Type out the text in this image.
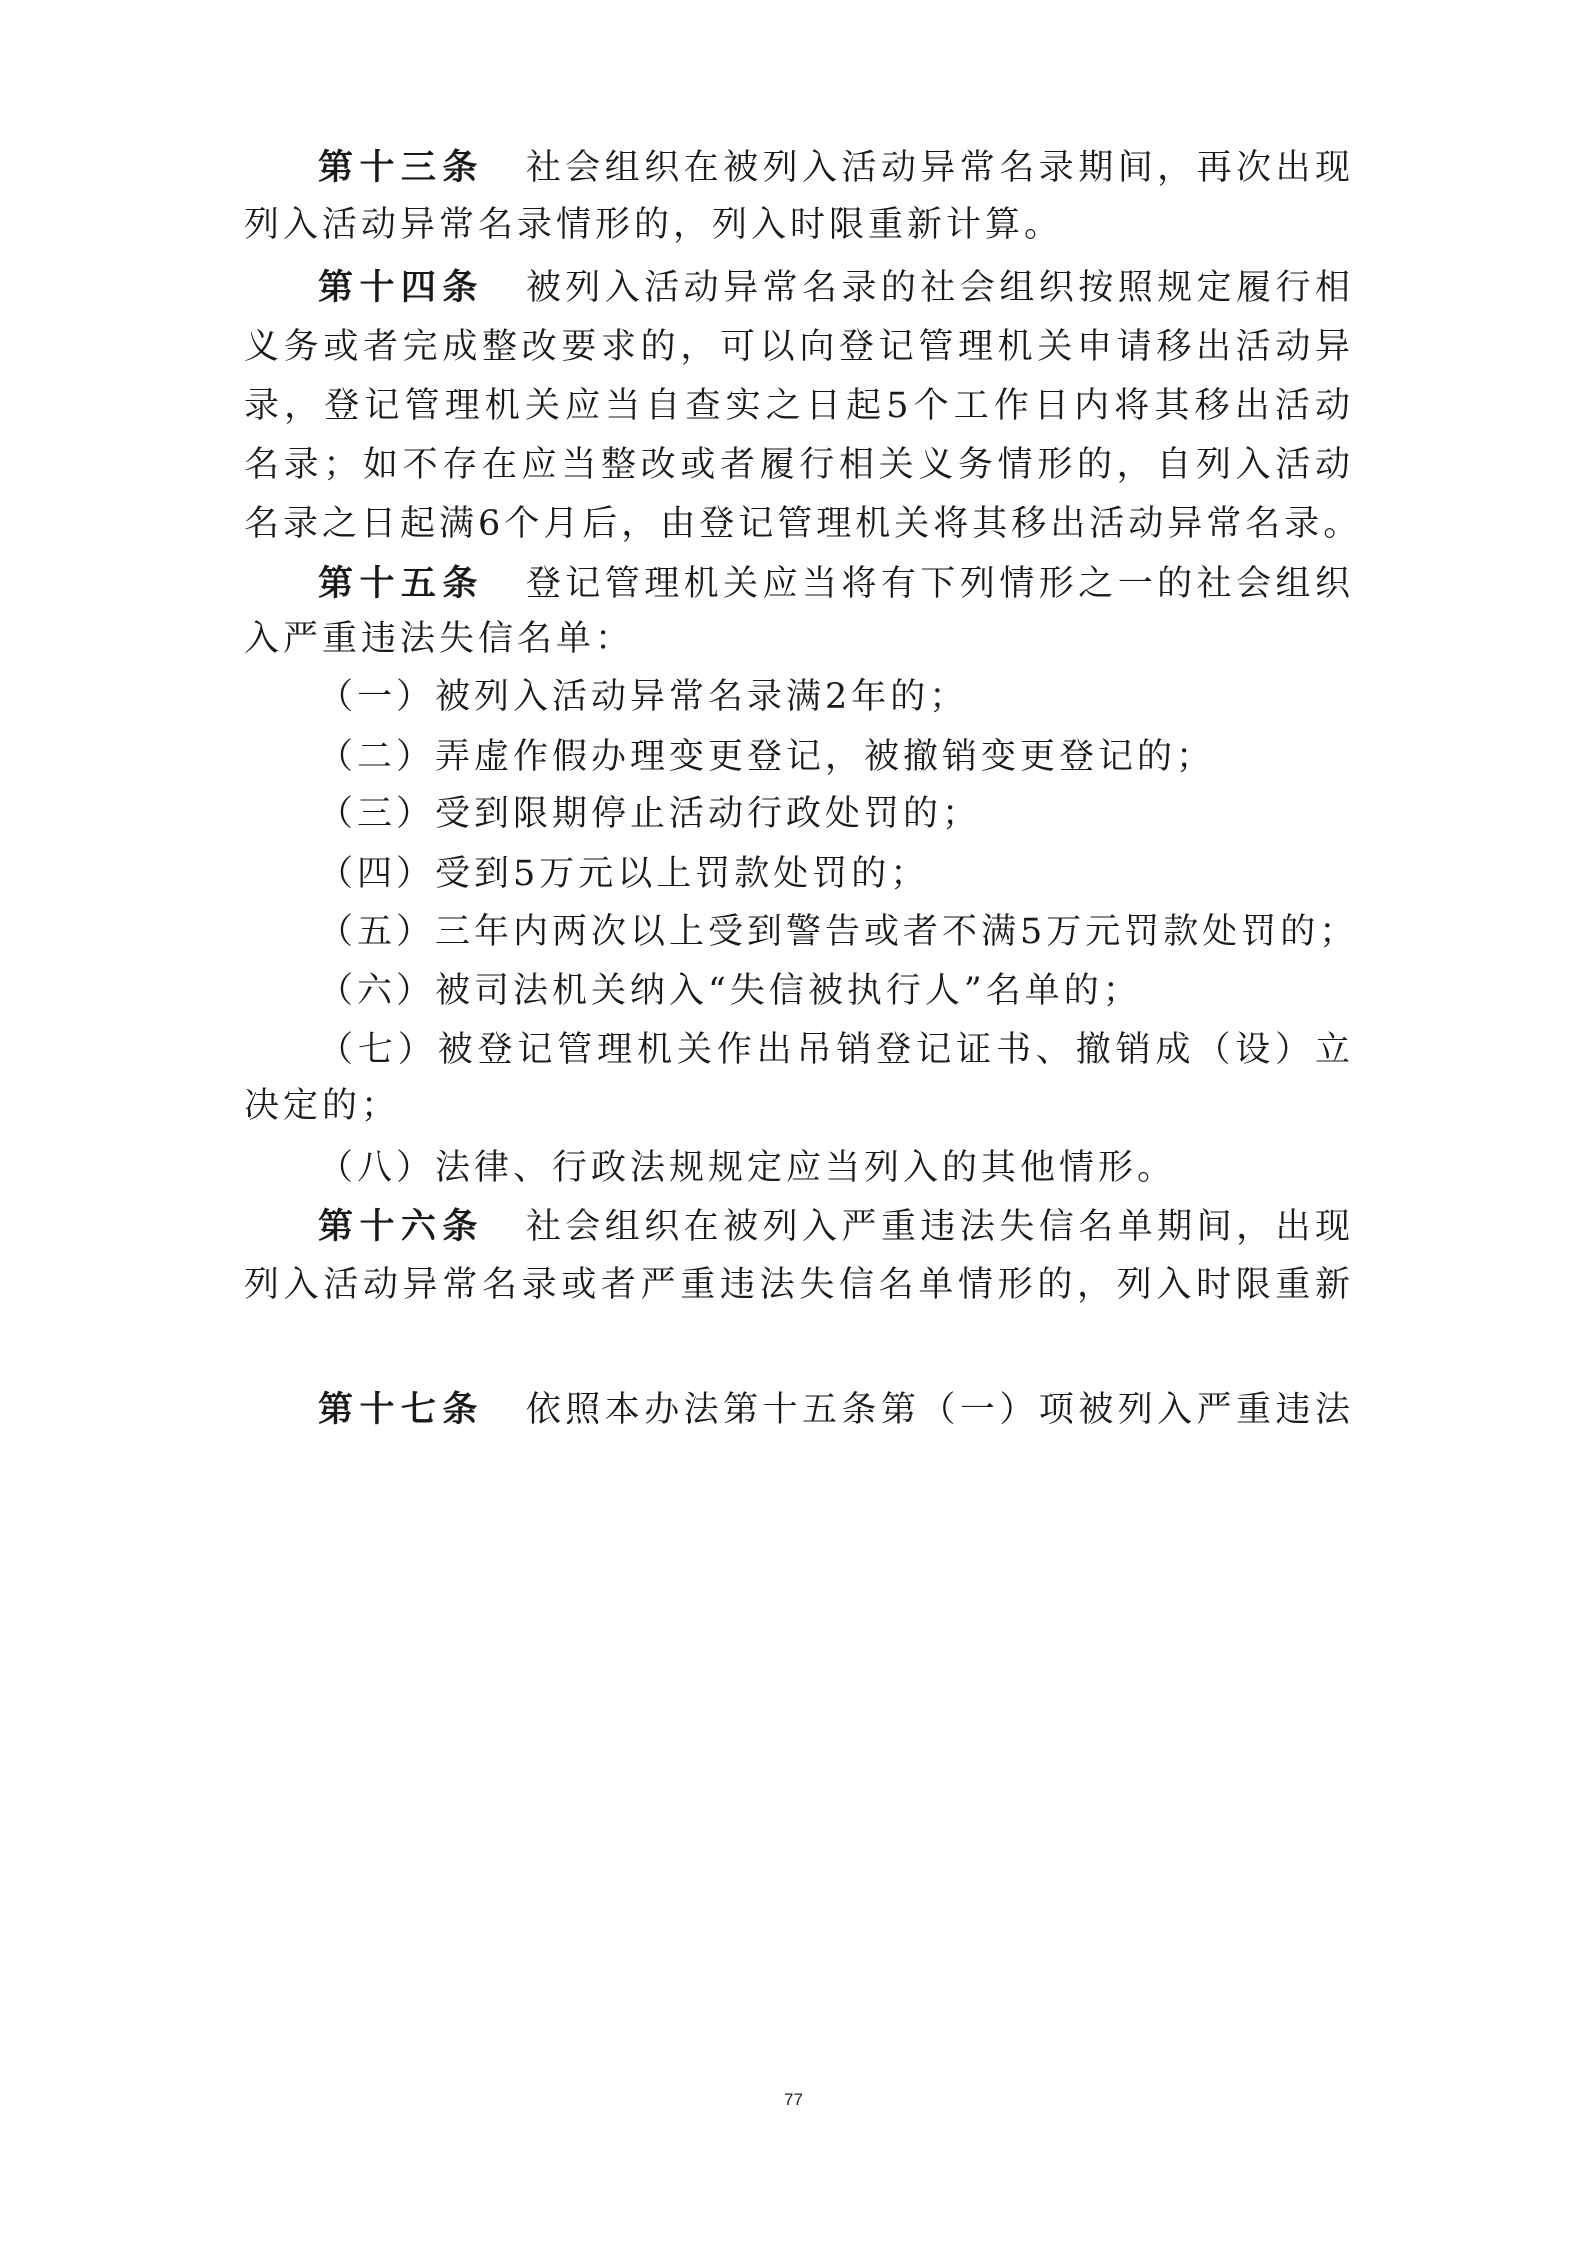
第十三条 社会组织在被列入活动异常名录期间，再次出现
列入活动异常名录情形的，列入时限重新计算。
第十四条 被列入活动异常名录的社会组织按照规定履行相
义务或者完成整改要求的，可以向登记管理机关申请移出活动异
录，登记管理机关应当自查实之日起5个工作日内将其移出活动
名录；如不存在应当整改或者履行相关义务情形的，自列入活动
名录之日起满6个月后，由登记管理机关将其移出活动异常名录。
第十五条 登记管理机关应当将有下列情形之一的社会组织
入严重违法失信名单：
（一）被列入活动异常名录满2年的；
（二）弄虚作假办理变更登记，被撤销变更登记的；
（三）受到限期停止活动行政处罚的；
（四）受到5万元以上罚款处罚的；
（五）三年内两次以上受到警告或者不满5万元罚款处罚的；
（六）被司法机关纳入“失信被执行人”名单的；
（七）被登记管理机关作出吊销登记证书、撤销成（设）立
决定的；
（八）法律、行政法规规定应当列入的其他情形。
第十六条 社会组织在被列入严重违法失信名单期间，出现
列入活动异常名录或者严重违法失信名单情形的，列入时限重新
第十七条 依照本办法第十五条第（一）项被列入严重违法
77
